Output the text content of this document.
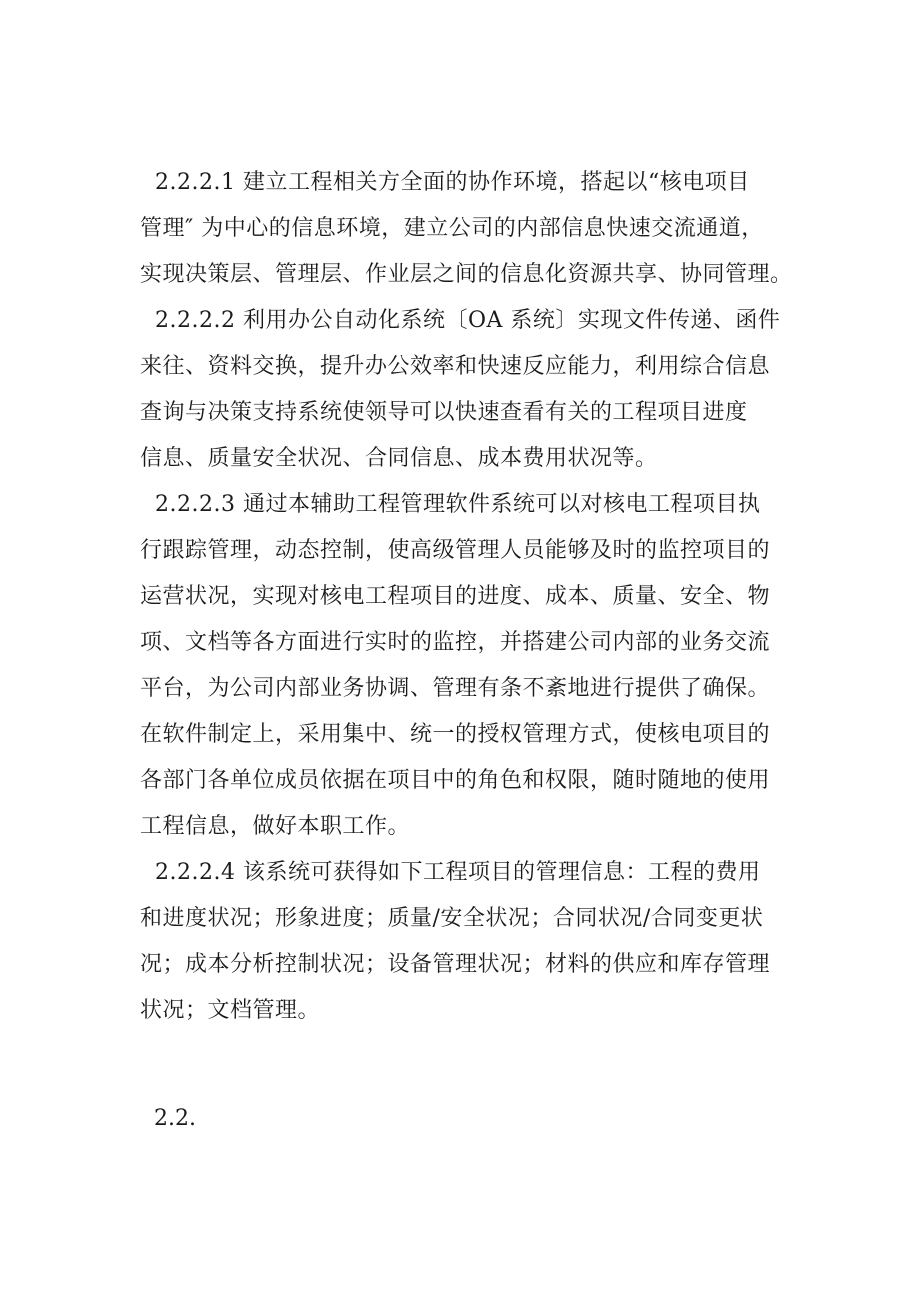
2.2.2.1 建立工程相关方全面的协作环境，搭起以“核电项目
管理″ 为中心的信息环境，建立公司的内部信息快速交流通道，
实现决策层、管理层、作业层之间的信息化资源共享、协同管理。
2.2.2.2 利用办公自动化系统〔OA 系统〕实现文件传递、函件
来往、资料交换，提升办公效率和快速反应能力，利用综合信息
查询与决策支持系统使领导可以快速查看有关的工程项目进度
信息、质量安全状况、合同信息、成本费用状况等。
2.2.2.3 通过本辅助工程管理软件系统可以对核电工程项目执
行跟踪管理，动态控制，使高级管理人员能够及时的监控项目的
运营状况，实现对核电工程项目的进度、成本、质量、安全、物
项、文档等各方面进行实时的监控，并搭建公司内部的业务交流
平台，为公司内部业务协调、管理有条不紊地进行提供了确保。
在软件制定上，采用集中、统一的授权管理方式，使核电项目的
各部门各单位成员依据在项目中的角色和权限，随时随地的使用
工程信息，做好本职工作。
2.2.2.4 该系统可获得如下工程项目的管理信息：工程的费用
和进度状况；形象进度；质量/安全状况；合同状况/合同变更状
况；成本分析控制状况；设备管理状况；材料的供应和库存管理
状况；文档管理。
2.2.
